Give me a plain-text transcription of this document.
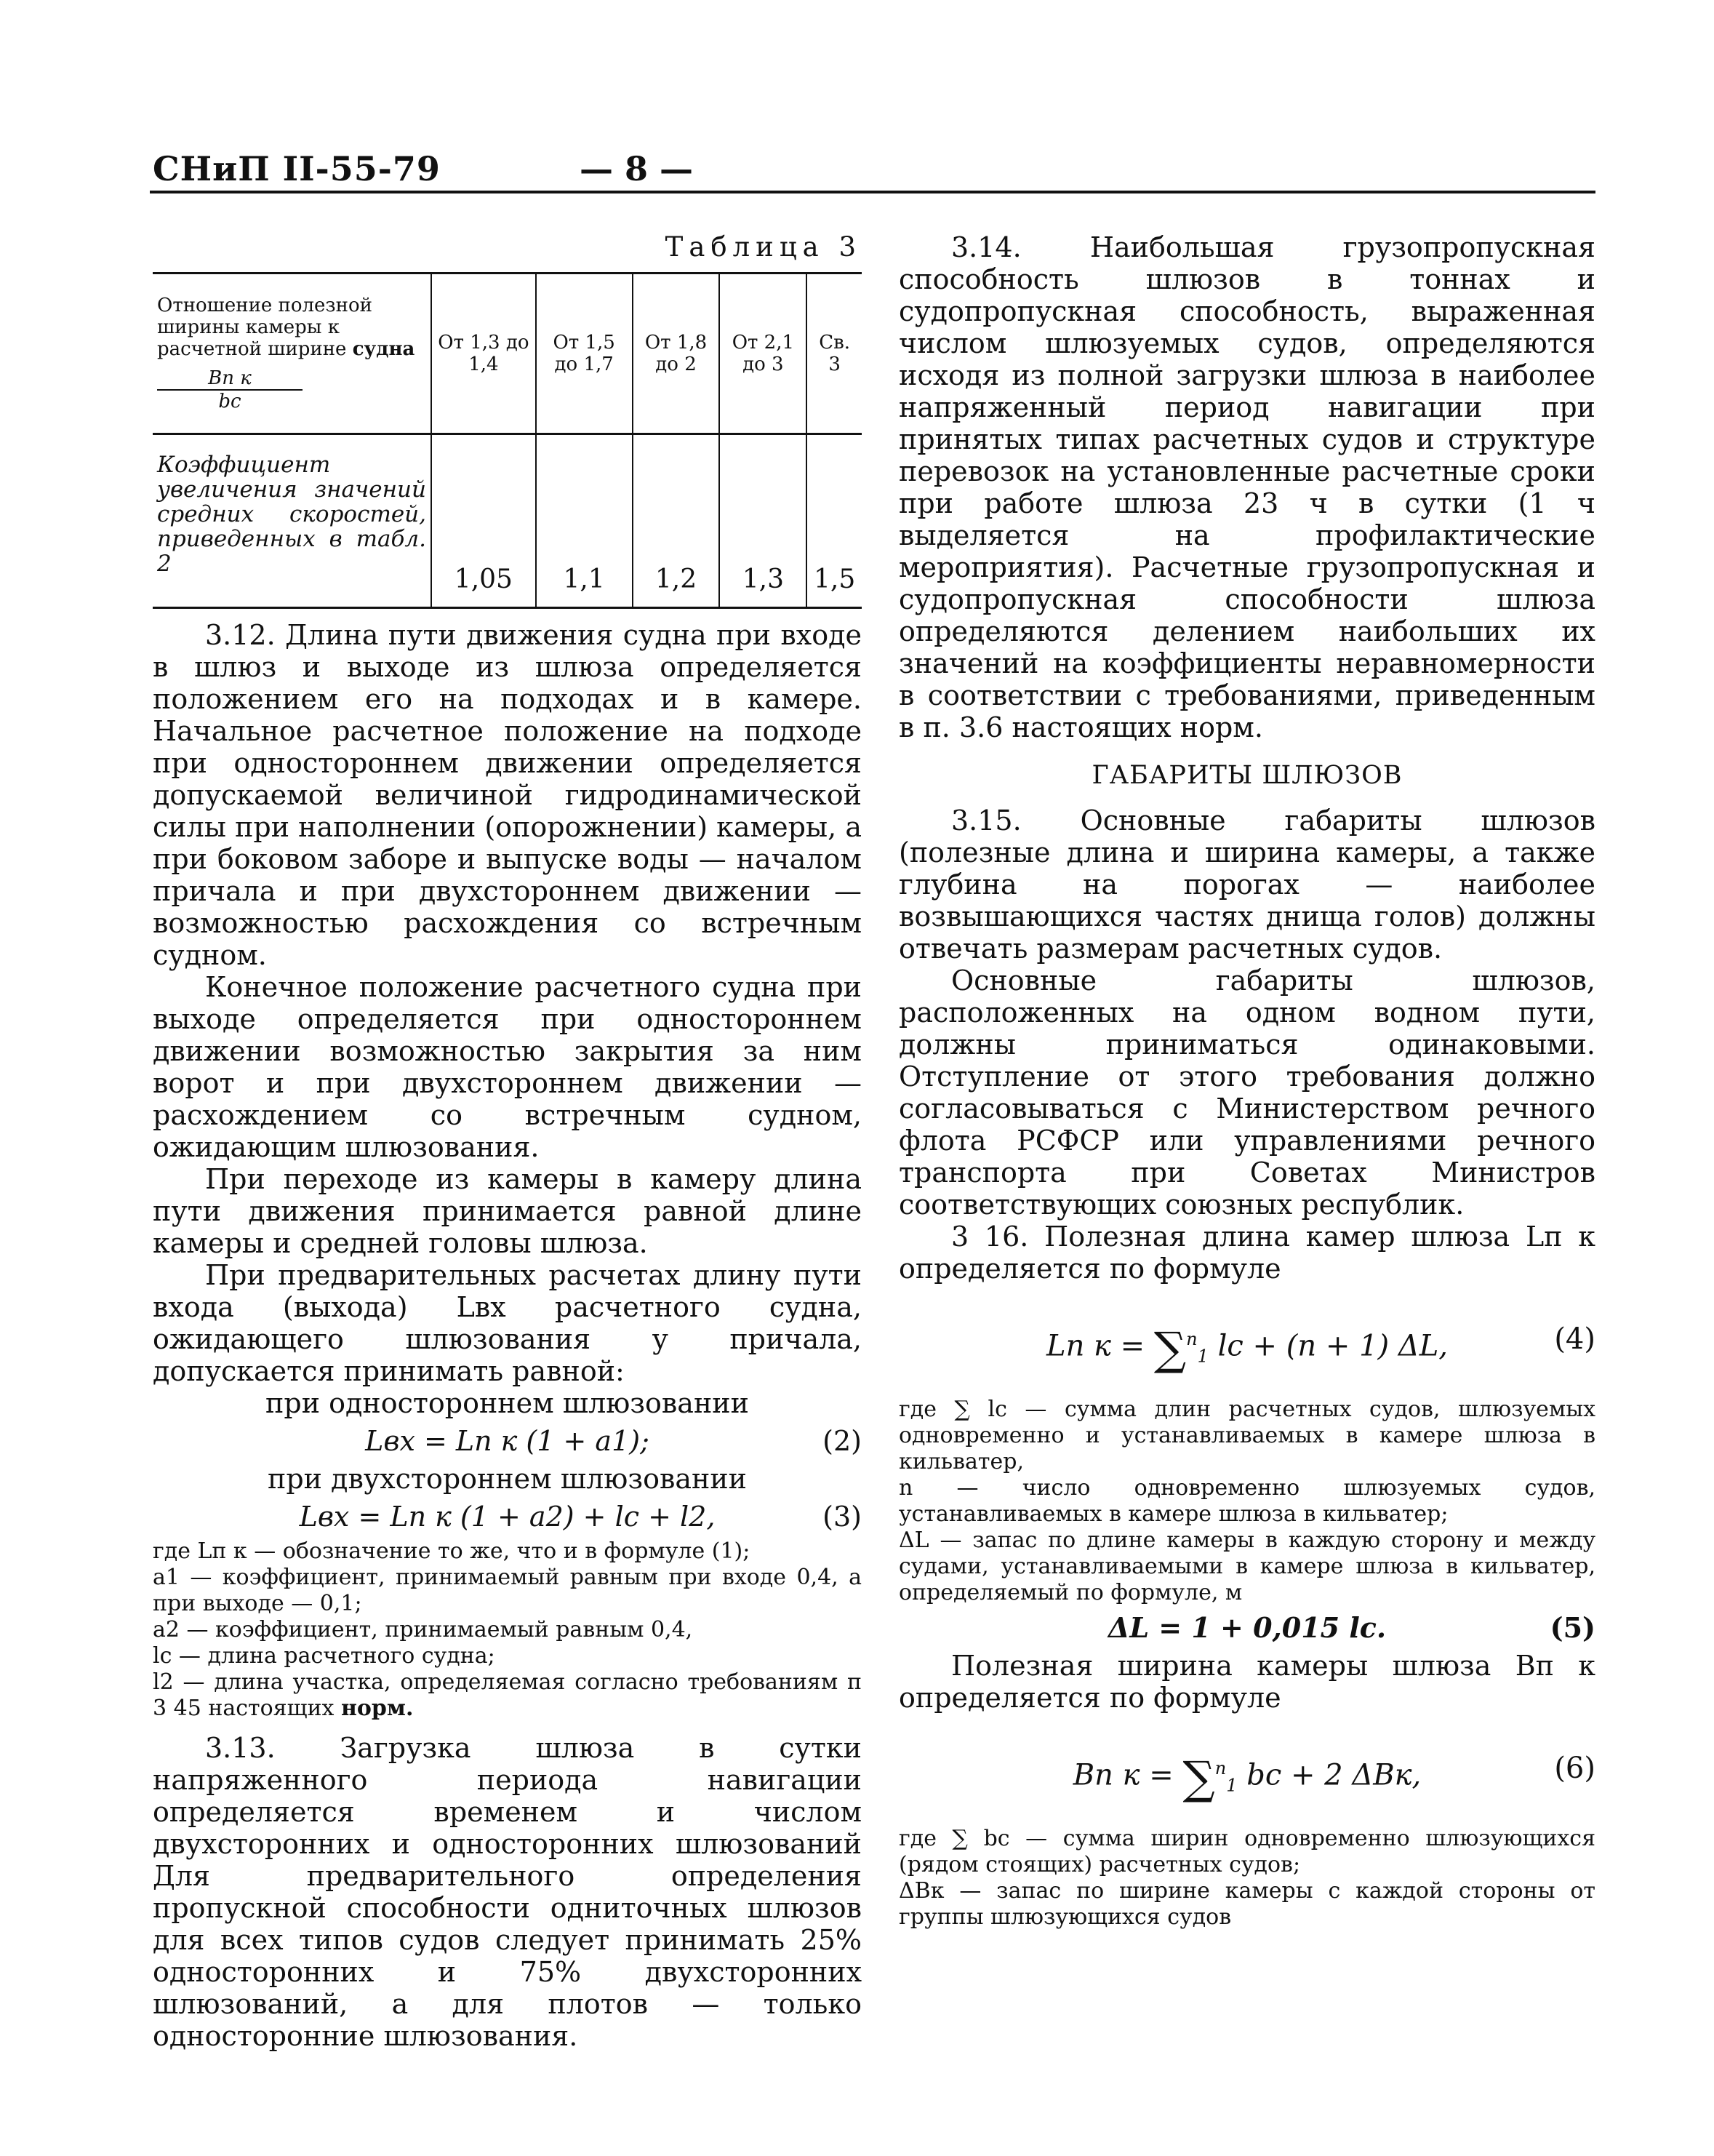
СНиП II-55-79	— 8 —

Таблица 3

Отношение полезной ширины камеры к расчетной ширине судна
Bп к
bс	От 1,3 до 1,4	От 1,5 до 1,7	От 1,8 до 2	От 2,1 до 3	Св. 3
Коэффициент увеличения значений средних скоростей, приведенных в табл. 2	1,05	1,1	1,2	1,3	1,5

3.12. Длина пути движения судна при входе в шлюз и выходе из шлюза определяется положением его на подходах и в камере. Начальное расчетное положение на подходе при одностороннем движении определяется допускаемой величиной гидродинамической силы при наполнении (опорожнении) камеры, а при боковом заборе и выпуске воды — началом причала и при двухстороннем движении — возможностью расхождения со встречным судном.

Конечное положение расчетного судна при выходе определяется при одностороннем движении возможностью закрытия за ним ворот и при двухстороннем движении — расхождением со встречным судном, ожидающим шлюзования.

При переходе из камеры в камеру длина пути движения принимается равной длине камеры и средней головы шлюза.

При предварительных расчетах длину пути входа (выхода) Lвх расчетного судна, ожидающего шлюзования у причала, допускается принимать равной:

при одностороннем шлюзовании

Lвх = Lп к (1 + a1);	(2)

при двухстороннем шлюзовании

Lвх = Lп к (1 + a2) + lс + l2,	(3)

где Lп к — обозначение то же, что и в формуле (1);

a1 — коэффициент, принимаемый равным при входе 0,4, а при выходе — 0,1;

a2 — коэффициент, принимаемый равным 0,4,

lс — длина расчетного судна;

l2 — длина участка, определяемая согласно требованиям п 3 45 настоящих норм.

3.13. Загрузка шлюза в сутки напряженного периода навигации определяется временем и числом двухсторонних и односторонних шлюзований Для предварительного определения пропускной способности одниточных шлюзов для всех типов судов следует принимать 25% односторонних и 75% двухсторонних шлюзований, а для плотов — только односторонние шлюзования.

3.14. Наибольшая грузопропускная способность шлюзов в тоннах и судопропускная способность, выраженная числом шлюзуемых судов, определяются исходя из полной загрузки шлюза в наиболее напряженный период навигации при принятых типах расчетных судов и структуре перевозок на установленные расчетные сроки при работе шлюза 23 ч в сутки (1 ч выделяется на профилактические мероприятия). Расчетные грузопропускная и судопропускная способности шлюза определяются делением наибольших их значений на коэффициенты неравномерности в соответствии с требованиями, приведенным в п. 3.6 настоящих норм.

ГАБАРИТЫ ШЛЮЗОВ

3.15. Основные габариты шлюзов (полезные длина и ширина камеры, а также глубина на порогах — наиболее возвышающихся частях днища голов) должны отвечать размерам расчетных судов.

Основные габариты шлюзов, расположенных на одном водном пути, должны приниматься одинаковыми. Отступление от этого требования должно согласовываться с Министерством речного флота РСФСР или управлениями речного транспорта при Советах Министров соответствующих союзных республик.

3 16. Полезная длина камер шлюза Lп к определяется по формуле

Lп к = ∑$^n_1$ lс + (n + 1) ΔL,	(4)

где ∑ lс — сумма длин расчетных судов, шлюзуемых одновременно и устанавливаемых в камере шлюза в кильватер,

n — число одновременно шлюзуемых судов, устанавливаемых в камере шлюза в кильватер;

ΔL — запас по длине камеры в каждую сторону и между судами, устанавливаемыми в камере шлюза в кильватер, определяемый по формуле, м

ΔL = 1 + 0,015 lс.	(5)

Полезная ширина камеры шлюза Bп к определяется по формуле

Bп к = ∑$^n_1$ bс + 2 ΔBк,	(6)

где ∑ bс — сумма ширин одновременно шлюзующихся (рядом стоящих) расчетных судов;

ΔBк — запас по ширине камеры с каждой стороны от группы шлюзующихся судов
